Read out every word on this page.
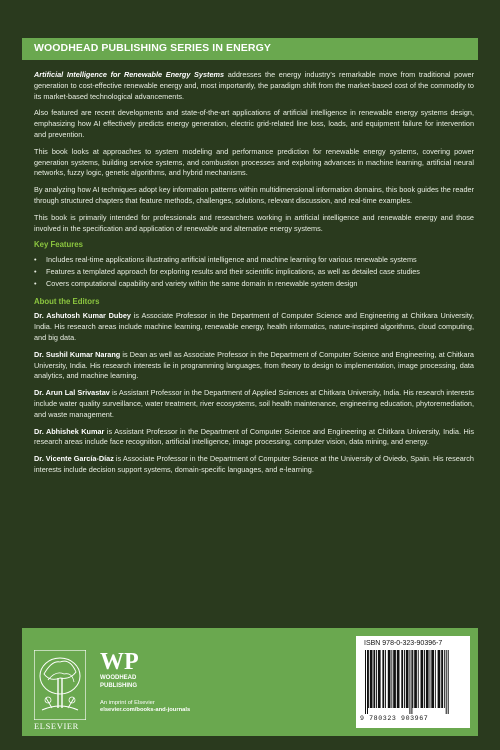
WOODHEAD PUBLISHING SERIES IN ENERGY

Artificial Intelligence for Renewable Energy Systems addresses the energy industry’s remarkable move from traditional power generation to cost-effective renewable energy and, most importantly, the paradigm shift from the market-based cost of the commodity to its market-based technological advancements.

Also featured are recent developments and state-of-the-art applications of artificial intelligence in renewable energy systems design, emphasizing how AI effectively predicts energy generation, electric grid-related line loss, loads, and equipment failure for intervention and prevention.

This book looks at approaches to system modeling and performance prediction for renewable energy systems, covering power generation systems, building service systems, and combustion processes and exploring advances in machine learning, artificial neural networks, fuzzy logic, genetic algorithms, and hybrid mechanisms.

By analyzing how AI techniques adopt key information patterns within multidimensional information domains, this book guides the reader through structured chapters that feature methods, challenges, solutions, relevant discussion, and real-time examples.

This book is primarily intended for professionals and researchers working in artificial intelligence and renewable energy and those involved in the specification and application of renewable and alternative energy systems.

Key Features
• Includes real-time applications illustrating artificial intelligence and machine learning for various renewable systems
• Features a templated approach for exploring results and their scientific implications, as well as detailed case studies
• Covers computational capability and variety within the same domain in renewable system design
About the Editors

Dr. Ashutosh Kumar Dubey is Associate Professor in the Department of Computer Science and Engineering at Chitkara University, India. His research areas include machine learning, renewable energy, health informatics, nature-inspired algorithms, cloud computing, and big data.

Dr. Sushil Kumar Narang is Dean as well as Associate Professor in the Department of Computer Science and Engineering, at Chitkara University, India. His research interests lie in programming languages, from theory to design to implementation, image processing, data analytics, and machine learning.

Dr. Arun Lal Srivastav is Assistant Professor in the Department of Applied Sciences at Chitkara University, India. His research interests include water quality surveillance, water treatment, river ecosystems, soil health maintenance, engineering education, phytoremediation, and waste management.

Dr. Abhishek Kumar is Assistant Professor in the Department of Computer Science and Engineering at Chitkara University, India. His research areas include face recognition, artificial intelligence, image processing, computer vision, data mining, and energy.

Dr. Vicente García-Díaz is Associate Professor in the Department of Computer Science at the University of Oviedo, Spain. His research interests include decision support systems, domain-specific languages, and e-learning.

ELSEVIER
WP
WOODHEAD
PUBLISHING
An imprint of Elsevier
elsevier.com/books-and-journals
ISBN 978-0-323-90396-7
9 780323 903967
